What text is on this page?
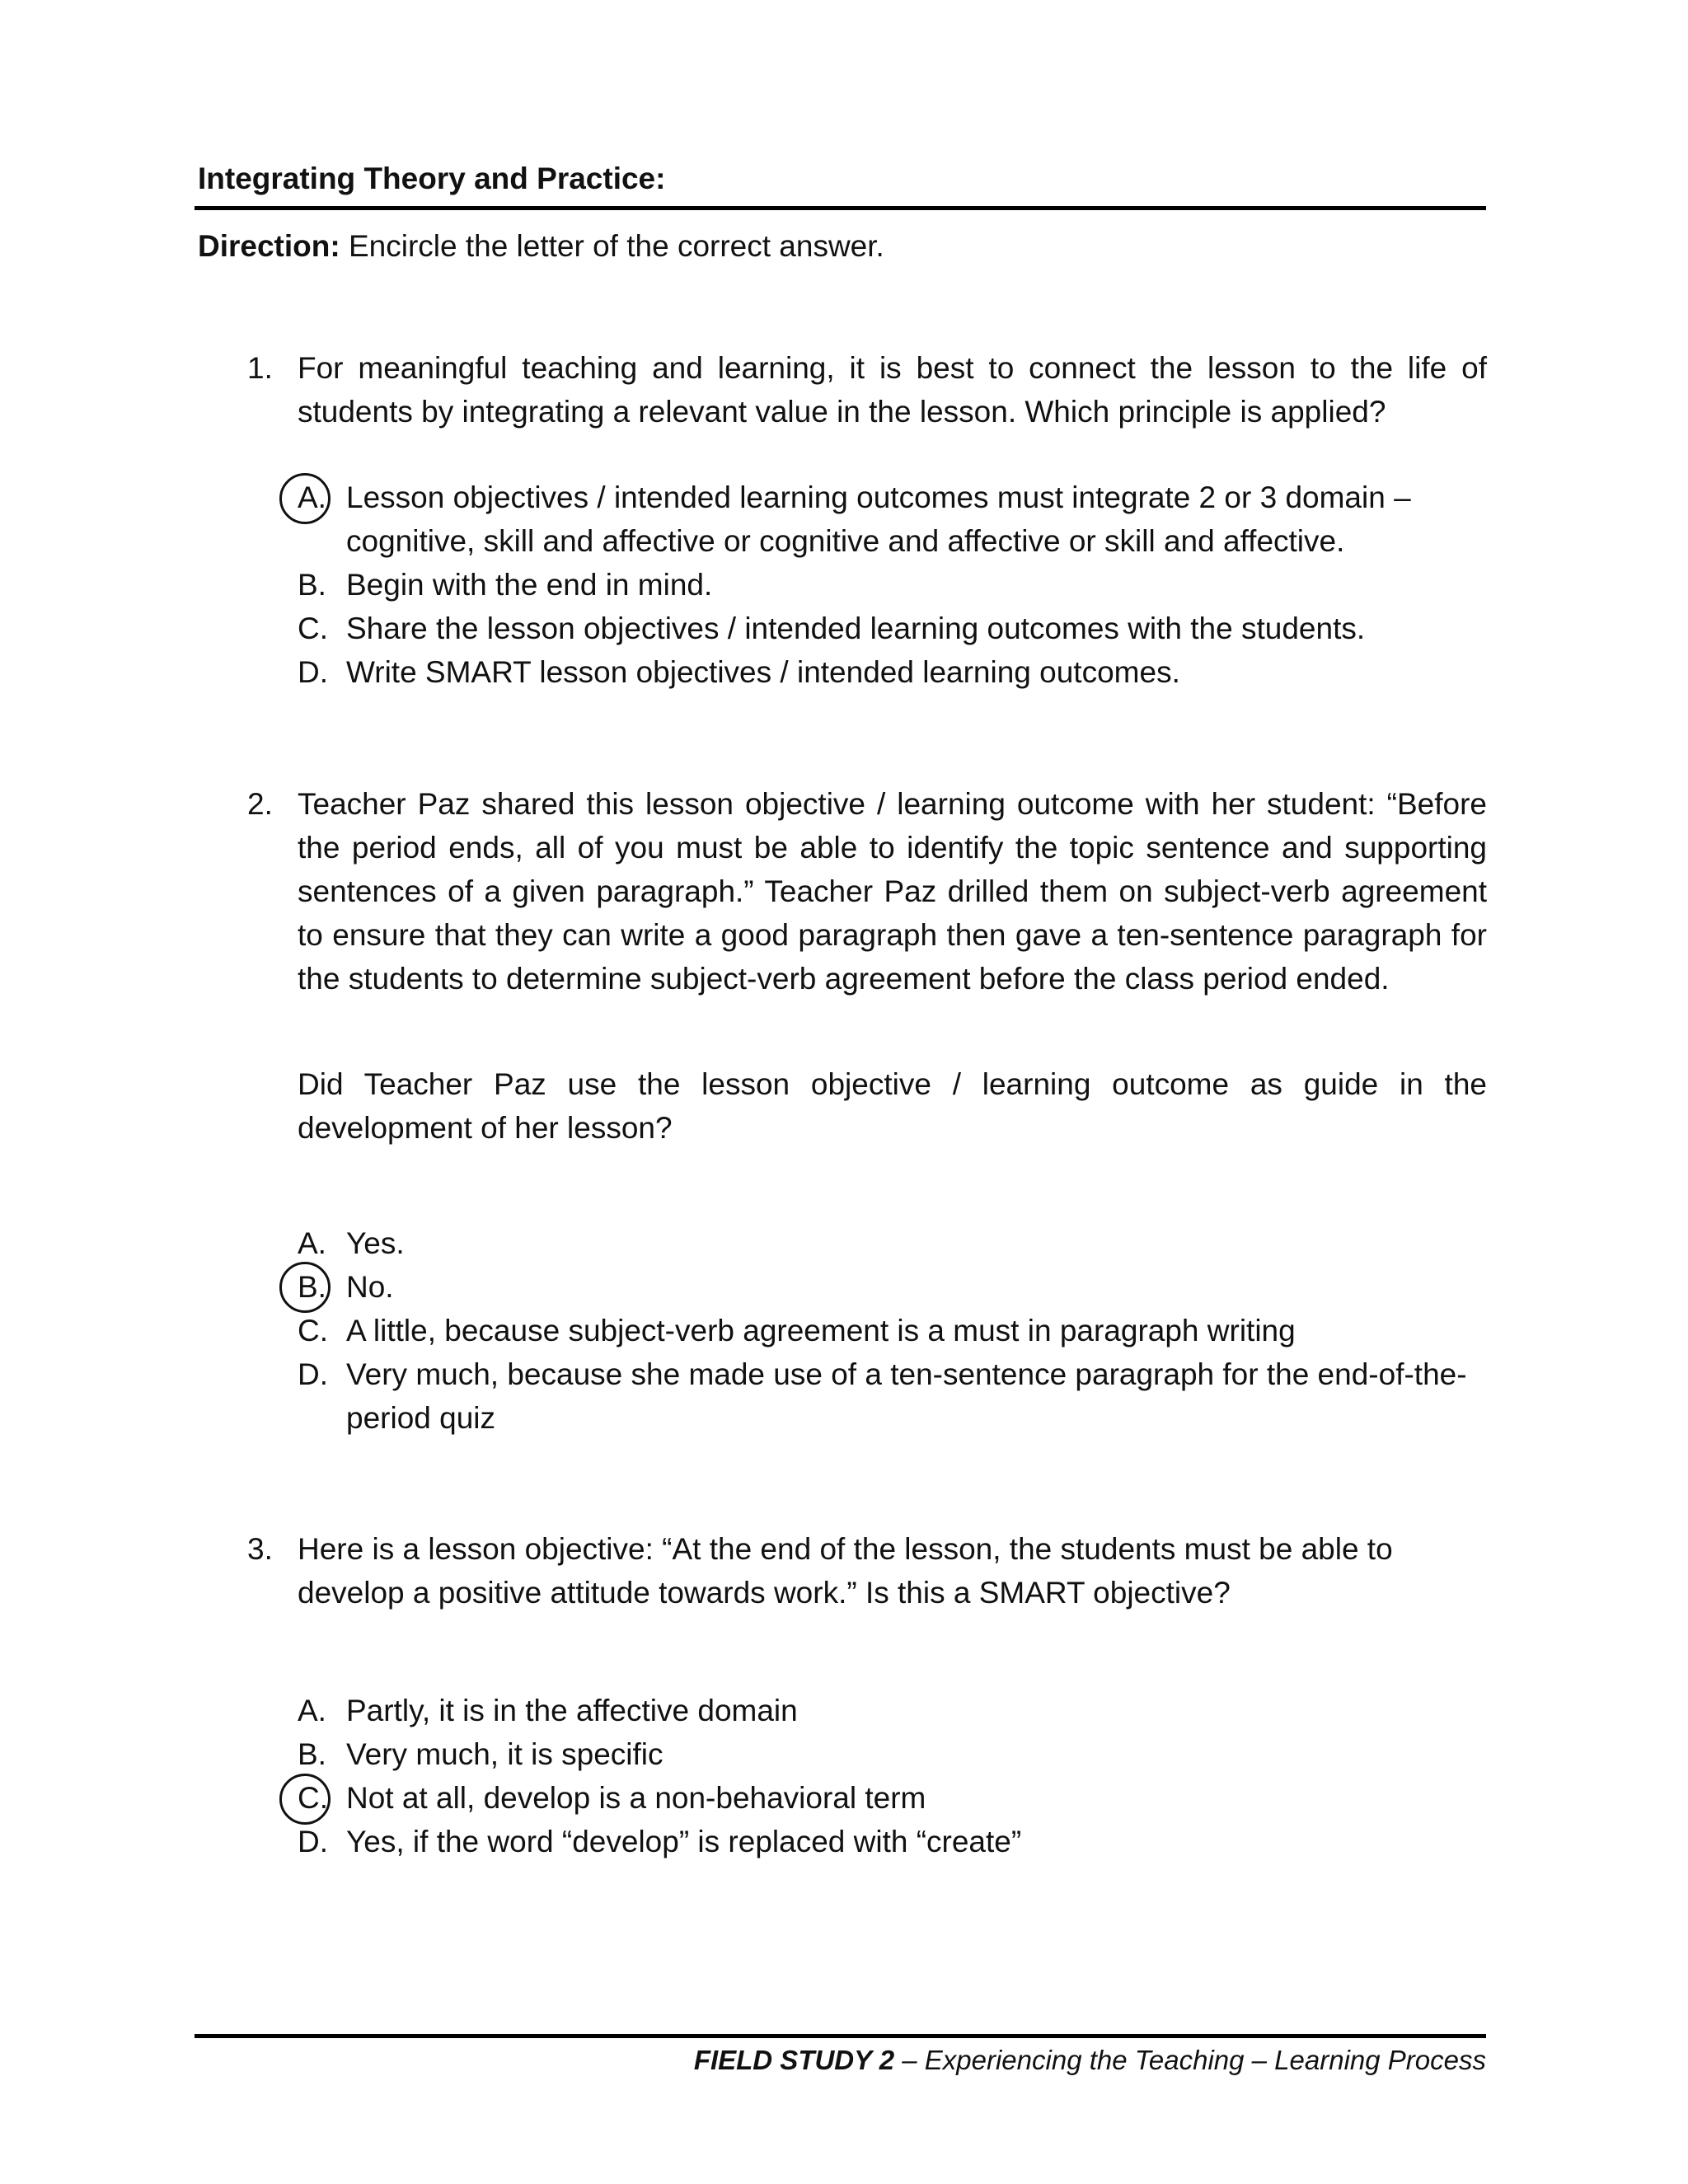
Integrating Theory and Practice:
Direction: Encircle the letter of the correct answer.
1. For meaningful teaching and learning, it is best to connect the lesson to the life of students by integrating a relevant value in the lesson. Which principle is applied?
A. Lesson objectives / intended learning outcomes must integrate 2 or 3 domain – cognitive, skill and affective or cognitive and affective or skill and affective.
B. Begin with the end in mind.
C. Share the lesson objectives / intended learning outcomes with the students.
D. Write SMART lesson objectives / intended learning outcomes.
2. Teacher Paz shared this lesson objective / learning outcome with her student: “Before the period ends, all of you must be able to identify the topic sentence and supporting sentences of a given paragraph.” Teacher Paz drilled them on subject-verb agreement to ensure that they can write a good paragraph then gave a ten-sentence paragraph for the students to determine subject-verb agreement before the class period ended.
Did Teacher Paz use the lesson objective / learning outcome as guide in the development of her lesson?
A. Yes.
B. No.
C. A little, because subject-verb agreement is a must in paragraph writing
D. Very much, because she made use of a ten-sentence paragraph for the end-of-the-period quiz
3. Here is a lesson objective: “At the end of the lesson, the students must be able to develop a positive attitude towards work.” Is this a SMART objective?
A. Partly, it is in the affective domain
B. Very much, it is specific
C. Not at all, develop is a non-behavioral term
D. Yes, if the word “develop” is replaced with “create”
FIELD STUDY 2 – Experiencing the Teaching – Learning Process
